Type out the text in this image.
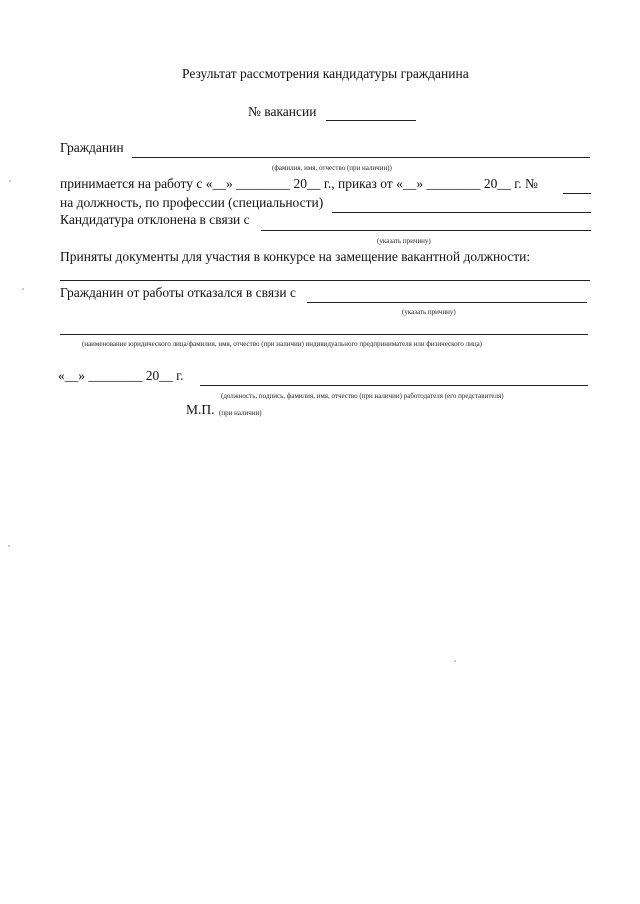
Результат рассмотрения кандидатуры гражданина
№ вакансии
Гражданин
(фамилия, имя, отчество (при наличии))
принимается на работу с «__» ________ 20__ г., приказ от «__» ________ 20__ г. №
на должность, по профессии (специальности)
Кандидатура отклонена в связи с
(указать причину)
Приняты документы для участия в конкурсе на замещение вакантной должности:
Гражданин от работы отказался в связи с
(указать причину)
(наименование юридического лица/фамилия, имя, отчество (при наличии) индивидуального предпринимателя или физического лица)
«__» ________ 20__ г.
(должность, подпись, фамилия, имя, отчество (при наличии) работодателя (его представителя)
М.П. (при наличии)
